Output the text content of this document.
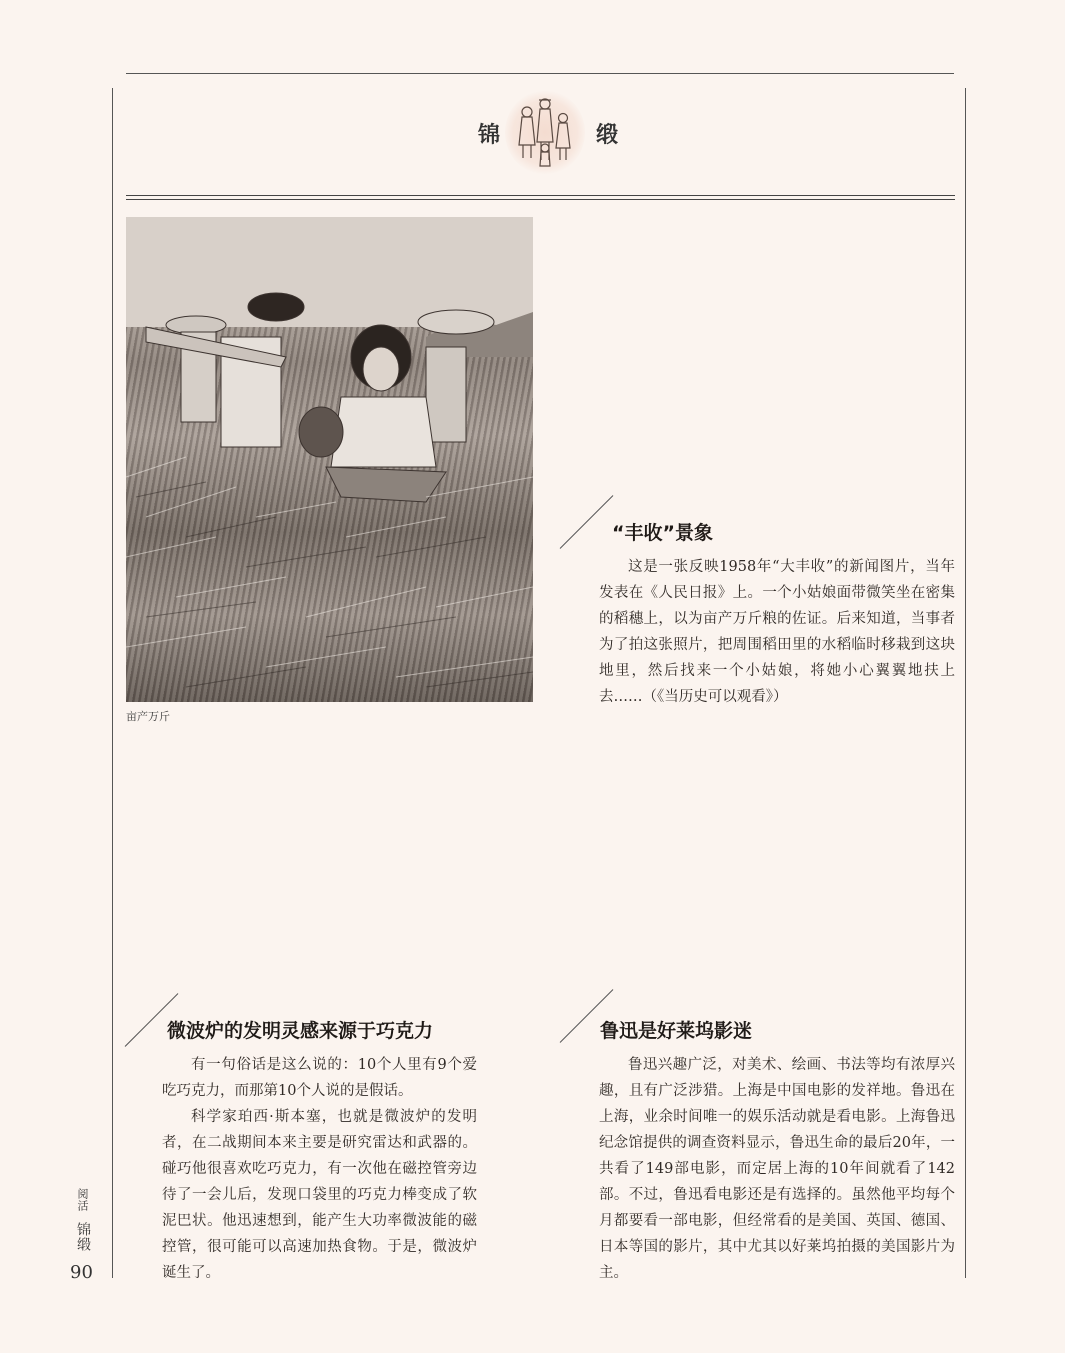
锦	缎
亩产万斤
“丰收”景象

这是一张反映1958年“大丰收”的新闻图片，当年发表在《人民日报》上。一个小姑娘面带微笑坐在密集的稻穗上，以为亩产万斤粮的佐证。后来知道，当事者为了拍这张照片，把周围稻田里的水稻临时移栽到这块地里，然后找来一个小姑娘，将她小心翼翼地扶上去……（《当历史可以观看》）

微波炉的发明灵感来源于巧克力

有一句俗话是这么说的：10个人里有9个爱吃巧克力，而那第10个人说的是假话。

科学家珀西·斯本塞，也就是微波炉的发明者，在二战期间本来主要是研究雷达和武器的。碰巧他很喜欢吃巧克力，有一次他在磁控管旁边待了一会儿后，发现口袋里的巧克力棒变成了软泥巴状。他迅速想到，能产生大功率微波能的磁控管，很可能可以高速加热食物。于是，微波炉诞生了。

鲁迅是好莱坞影迷

鲁迅兴趣广泛，对美术、绘画、书法等均有浓厚兴趣，且有广泛涉猎。上海是中国电影的发祥地。鲁迅在上海，业余时间唯一的娱乐活动就是看电影。上海鲁迅纪念馆提供的调查资料显示，鲁迅生命的最后20年，一共看了149部电影，而定居上海的10年间就看了142部。不过，鲁迅看电影还是有选择的。虽然他平均每个月都要看一部电影，但经常看的是美国、英国、德国、日本等国的影片，其中尤其以好莱坞拍摄的美国影片为主。

阅活
锦缎
90
